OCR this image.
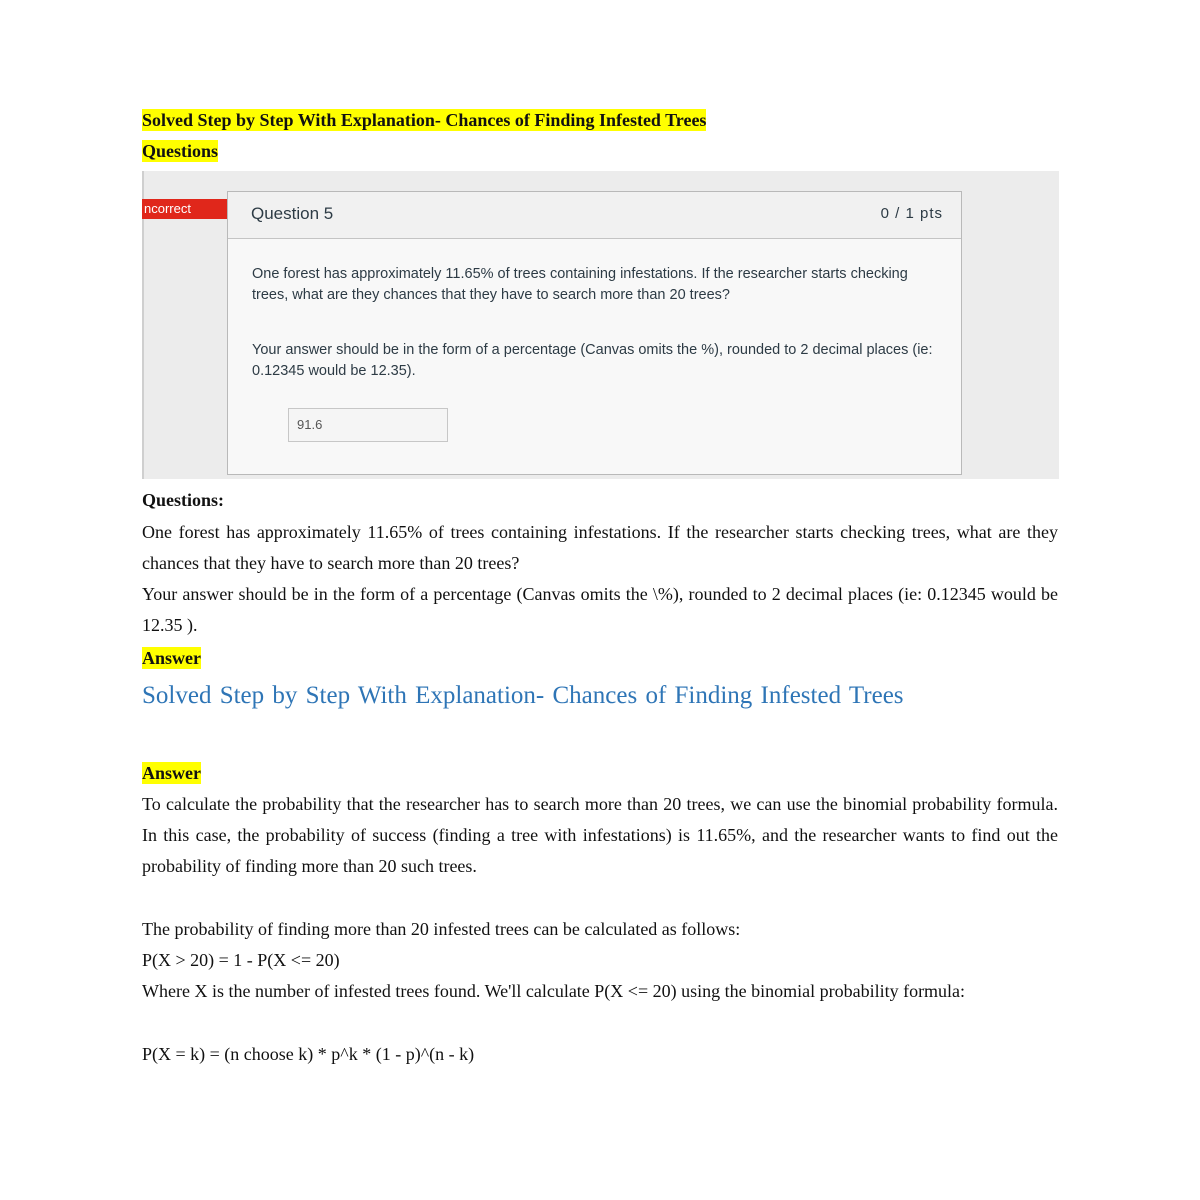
Solved Step by Step With Explanation- Chances of Finding Infested Trees
Questions
ncorrect	Question 5	0 / 1 pts
One forest has approximately 11.65% of trees containing infestations. If the researcher starts checking trees, what are they chances that they have to search more than 20 trees?
Your answer should be in the form of a percentage (Canvas omits the %), rounded to 2 decimal places (ie: 0.12345 would be 12.35).
91.6
Questions:
One forest has approximately 11.65% of trees containing infestations. If the researcher starts checking trees, what are they chances that they have to search more than 20 trees?
Your answer should be in the form of a percentage (Canvas omits the \%), rounded to 2 decimal places (ie: 0.12345 would be 12.35 ).
Answer
Solved Step by Step With Explanation- Chances of Finding Infested Trees
Answer
To calculate the probability that the researcher has to search more than 20 trees, we can use the binomial probability formula. In this case, the probability of success (finding a tree with infestations) is 11.65%, and the researcher wants to find out the probability of finding more than 20 such trees.
The probability of finding more than 20 infested trees can be calculated as follows:
P(X > 20) = 1 - P(X <= 20)
Where X is the number of infested trees found. We'll calculate P(X <= 20) using the binomial probability formula:
P(X = k) = (n choose k) * p^k * (1 - p)^(n - k)
